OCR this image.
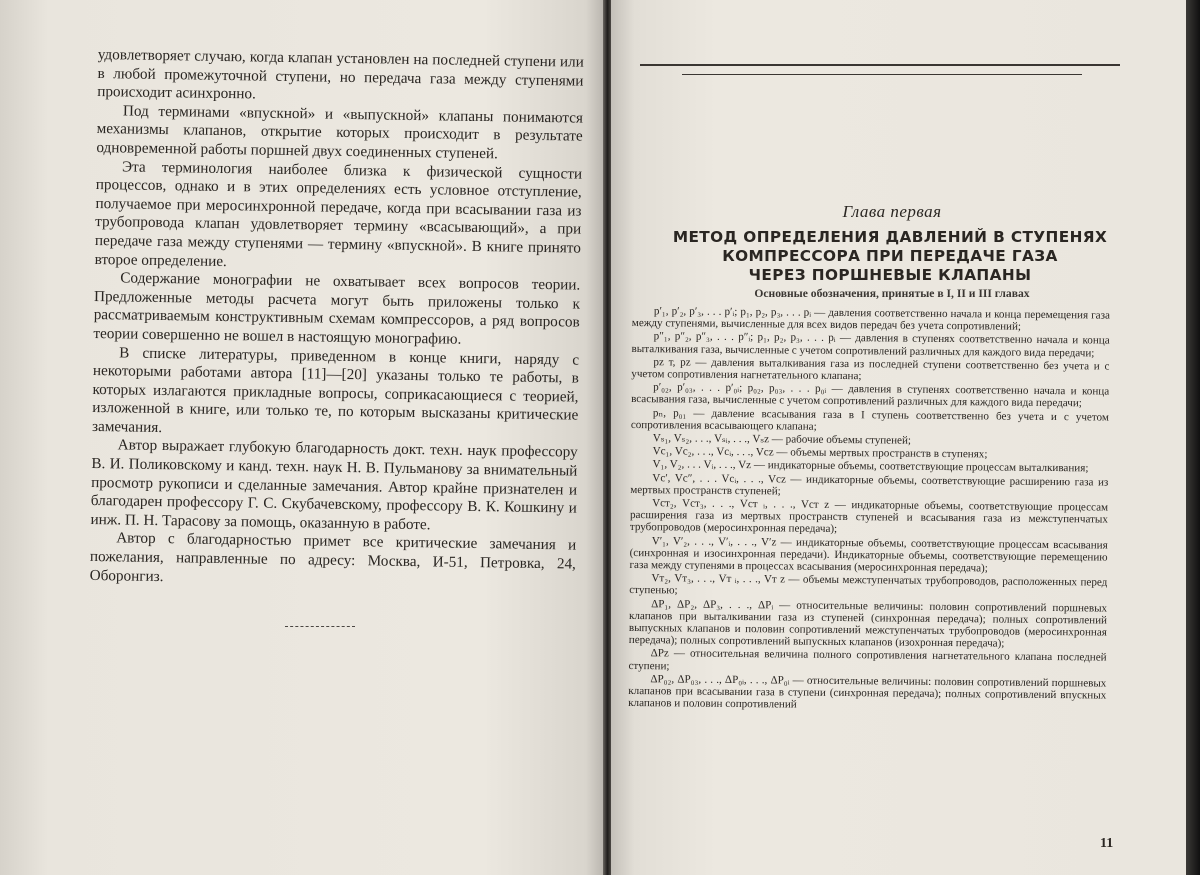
удовлетворяет случаю, когда клапан установлен на последней ступени или в любой промежуточной ступени, но передача газа между ступенями происходит асинхронно.

Под терминами «впускной» и «выпускной» клапаны понимаются механизмы клапанов, открытие которых происходит в результате одновременной работы поршней двух соединенных ступеней.

Эта терминология наиболее близка к физической сущности процессов, однако и в этих определениях есть условное отступление, получаемое при меросинхронной передаче, когда при всасывании газа из трубопровода клапан удовлетворяет термину «всасывающий», а при передаче газа между ступенями — термину «впускной». В книге принято второе определение.

Содержание монографии не охватывает всех вопросов теории. Предложенные методы расчета могут быть приложены только к рассматриваемым конструктивным схемам компрессоров, а ряд вопросов теории совершенно не вошел в настоящую монографию.

В списке литературы, приведенном в конце книги, наряду с некоторыми работами автора [11]—[20] указаны только те работы, в которых излагаются прикладные вопросы, соприкасающиеся с теорией, изложенной в книге, или только те, по которым высказаны критические замечания.

Автор выражает глубокую благодарность докт. техн. наук профессору В. И. Поликовскому и канд. техн. наук Н. В. Пульманову за внимательный просмотр рукописи и сделанные замечания. Автор крайне признателен и благодарен профессору Г. С. Скубачевскому, профессору В. К. Кошкину и инж. П. Н. Тарасову за помощь, оказанную в работе.

Автор с благодарностью примет все критические замечания и пожелания, направленные по адресу: Москва, И-51, Петровка, 24, Оборонгиз.

Глава первая
МЕТОД ОПРЕДЕЛЕНИЯ ДАВЛЕНИЙ В СТУПЕНЯХ
КОМПРЕССОРА ПРИ ПЕРЕДАЧЕ ГАЗА
ЧЕРЕЗ ПОРШНЕВЫЕ КЛАПАНЫ
Основные обозначения, принятые в I, II и III главах

p′₁, p′₂, p′₃, . . . p′ᵢ; p₁, p₂, p₃, . . . pᵢ — давления соответственно начала и конца перемещения газа между ступенями, вычисленные для всех видов передач без учета сопротивлений;

p″₁, p″₂, p″₃, . . . p″ᵢ; p₁, p₂, p₃, . . . pᵢ — давления в ступенях соответственно начала и конца выталкивания газа, вычисленные с учетом сопротивлений различных для каждого вида передачи;

pz т, pz — давления выталкивания газа из последней ступени соответственно без учета и с учетом сопротивления нагнетательного клапана;

p′₀₂, p′₀₃, . . . p′₀ᵢ; p₀₂, p₀₃, . . . p₀ᵢ — давления в ступенях соответственно начала и конца всасывания газа, вычисленные с учетом сопротивлений различных для каждого вида передачи;

pₙ, p₀₁ — давление всасывания газа в I ступень соответственно без учета и с учетом сопротивления всасывающего клапана;

Vₛ₁, Vₛ₂, . . ., Vₛᵢ, . . ., Vₛz — рабочие объемы ступеней;

Vc₁, Vc₂, . . ., Vcᵢ, . . ., Vcz — объемы мертвых пространств в ступенях;

V₁, V₂, . . . Vᵢ, . . ., Vz — индикаторные объемы, соответствующие процессам выталкивания;

Vc′, Vc″, . . . Vcᵢ, . . ., Vcz — индикаторные объемы, соответствующие расширению газа из мертвых пространств ступеней;

Vcт₂, Vcт₃, . . ., Vcт ᵢ, . . ., Vcт z — индикаторные объемы, соответствующие процессам расширения газа из мертвых пространств ступеней и всасывания газа из межступенчатых трубопроводов (меросинхронная передача);

V′₁, V′₂, . . ., V′ᵢ, . . ., V′z — индикаторные объемы, соответствующие процессам всасывания (синхронная и изосинхронная передачи). Индикаторные объемы, соответствующие перемещению газа между ступенями в процессах всасывания (меросинхронная передача);

Vт₂, Vт₃, . . ., Vт ᵢ, . . ., Vт z — объемы межступенчатых трубопроводов, расположенных перед ступенью;

ΔP₁, ΔP₂, ΔP₃, . . ., ΔPᵢ — относительные величины: половин сопротивлений поршневых клапанов при выталкивании газа из ступеней (синхронная передача); полных сопротивлений выпускных клапанов и половин сопротивлений межступенчатых трубопроводов (меросинхронная передача); полных сопротивлений выпускных клапанов (изохронная передача);

ΔPz — относительная величина полного сопротивления нагнетательного клапана последней ступени;

ΔP₀₂, ΔP₀₃, . . ., ΔP₀ᵢ, . . ., ΔP₀ᵢ — относительные величины: половин сопротивлений поршневых клапанов при всасывании газа в ступени (синхронная передача); полных сопротивлений впускных клапанов и половин сопротивлений

11
